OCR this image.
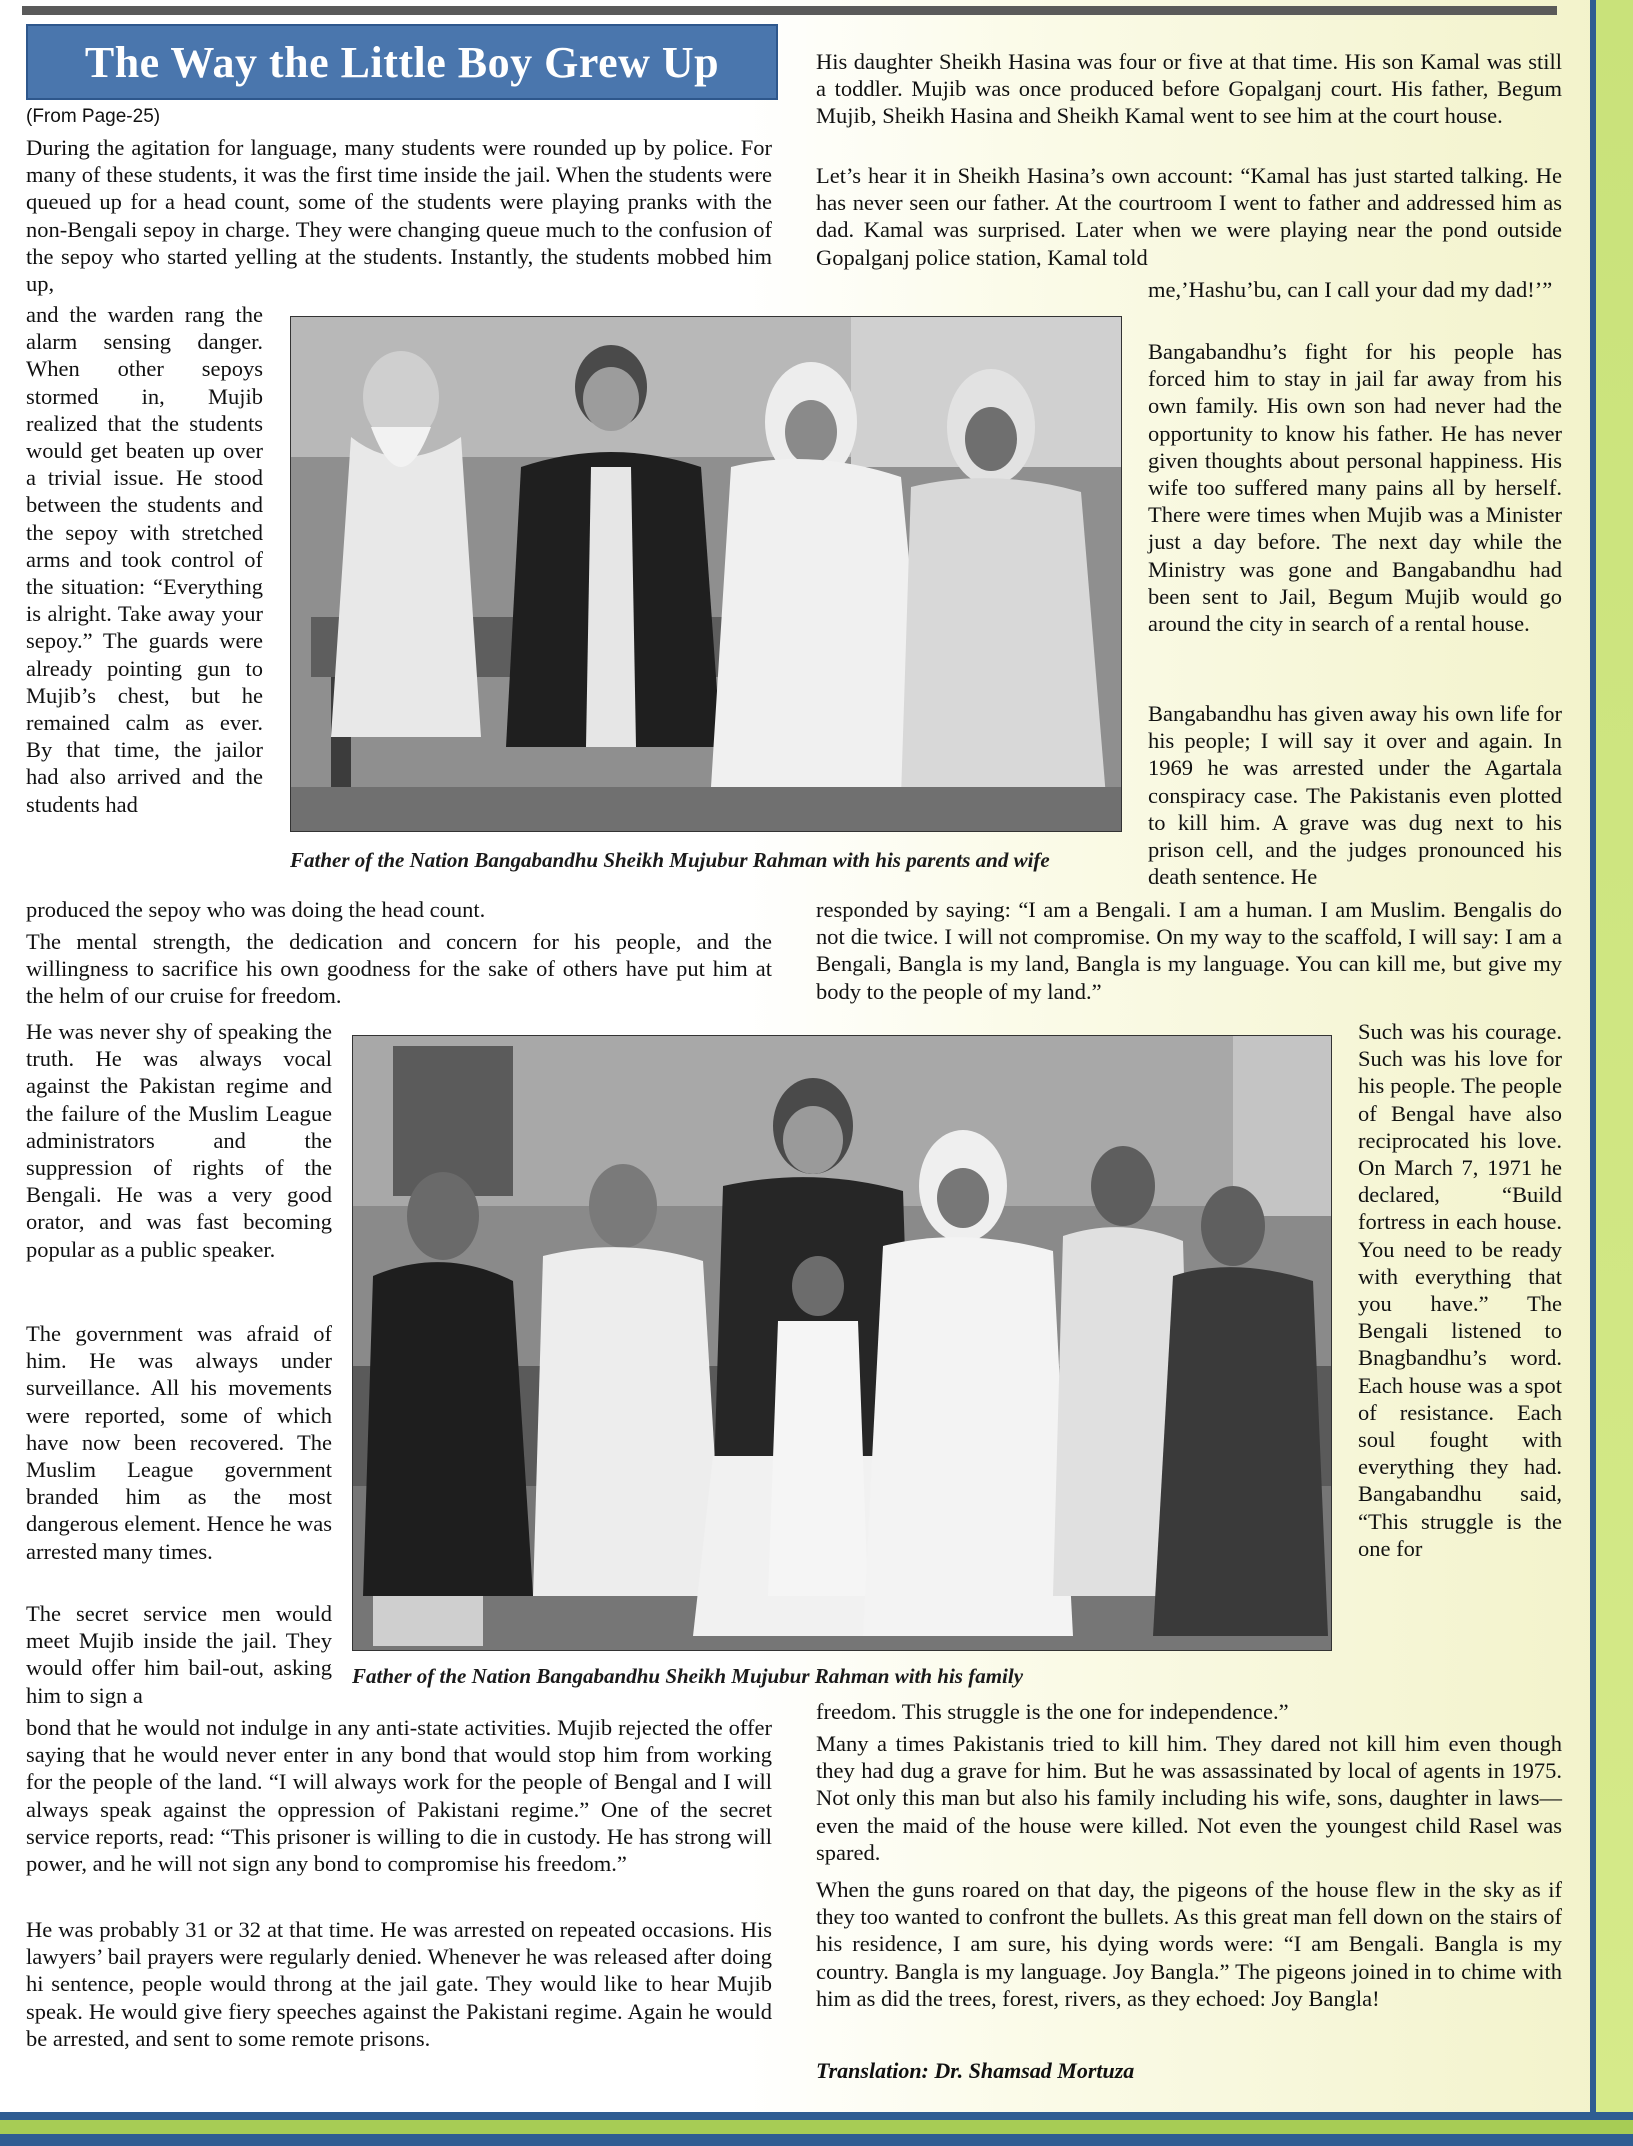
The Way the Little Boy Grew Up
(From Page-25)

During the agitation for language, many students were rounded up by police. For many of these students, it was the first time inside the jail. When the students were queued up for a head count, some of the students were playing pranks with the non-Bengali sepoy in charge. They were changing queue much to the confusion of the sepoy who started yelling at the students. Instantly, the students mobbed him up,

and the warden rang the alarm sensing danger. When other sepoys stormed in, Mujib realized that the students would get beaten up over a trivial issue. He stood between the students and the sepoy with stretched arms and took control of the situation: “Everything is alright. Take away your sepoy.” The guards were already pointing gun to Mujib’s chest, but he remained calm as ever. By that time, the jailor had also arrived and the students had

produced the sepoy who was doing the head count.

The mental strength, the dedication and concern for his people, and the willingness to sacrifice his own goodness for the sake of others have put him at the helm of our cruise for freedom.

He was never shy of speaking the truth. He was always vocal against the Pakistan regime and the failure of the Muslim League administrators and the suppression of rights of the Bengali. He was a very good orator, and was fast becoming popular as a public speaker.

The government was afraid of him. He was always under surveillance. All his movements were reported, some of which have now been recovered. The Muslim League government branded him as the most dangerous element. Hence he was arrested many times.

The secret service men would meet Mujib inside the jail. They would offer him bail-out, asking him to sign a

bond that he would not indulge in any anti-state activities. Mujib rejected the offer saying that he would never enter in any bond that would stop him from working for the people of the land. “I will always work for the people of Bengal and I will always speak against the oppression of Pakistani regime.” One of the secret service reports, read: “This prisoner is willing to die in custody. He has strong will power, and he will not sign any bond to compromise his freedom.”

He was probably 31 or 32 at that time. He was arrested on repeated occasions. His lawyers’ bail prayers were regularly denied. Whenever he was released after doing hi sentence, people would throng at the jail gate. They would like to hear Mujib speak. He would give fiery speeches against the Pakistani regime. Again he would be arrested, and sent to some remote prisons.

His daughter Sheikh Hasina was four or five at that time. His son Kamal was still a toddler. Mujib was once produced before Gopalganj court. His father, Begum Mujib, Sheikh Hasina and Sheikh Kamal went to see him at the court house.

Let’s hear it in Sheikh Hasina’s own account: “Kamal has just started talking. He has never seen our father. At the courtroom I went to father and addressed him as dad. Kamal was surprised. Later when we were playing near the pond outside Gopalganj police station, Kamal told

me,’Hashu’bu, can I call your dad my dad!’”

Bangabandhu’s fight for his people has forced him to stay in jail far away from his own family. His own son had never had the opportunity to know his father. He has never given thoughts about personal happiness. His wife too suffered many pains all by herself. There were times when Mujib was a Minister just a day before. The next day while the Ministry was gone and Bangabandhu had been sent to Jail, Begum Mujib would go around the city in search of a rental house.

Bangabandhu has given away his own life for his people; I will say it over and again. In 1969 he was arrested under the Agartala conspiracy case. The Pakistanis even plotted to kill him. A grave was dug next to his prison cell, and the judges pronounced his death sentence. He

responded by saying: “I am a Bengali. I am a human. I am Muslim. Bengalis do not die twice. I will not compromise. On my way to the scaffold, I will say: I am a Bengali, Bangla is my land, Bangla is my language. You can kill me, but give my body to the people of my land.”

Such was his courage. Such was his love for his people. The people of Bengal have also reciprocated his love. On March 7, 1971 he declared, “Build fortress in each house. You need to be ready with everything that you have.” The Bengali listened to Bnagbandhu’s word. Each house was a spot of resistance. Each soul fought with everything they had. Bangabandhu said, “This struggle is the one for

freedom. This struggle is the one for independence.”

Many a times Pakistanis tried to kill him. They dared not kill him even though they had dug a grave for him. But he was assassinated by local of agents in 1975. Not only this man but also his family including his wife, sons, daughter in laws—even the maid of the house were killed. Not even the youngest child Rasel was spared.

When the guns roared on that day, the pigeons of the house flew in the sky as if they too wanted to confront the bullets. As this great man fell down on the stairs of his residence, I am sure, his dying words were: “I am Bengali. Bangla is my country. Bangla is my language. Joy Bangla.” The pigeons joined in to chime with him as did the trees, forest, rivers, as they echoed: Joy Bangla!

Translation: Dr. Shamsad Mortuza

Father of the Nation Bangabandhu Sheikh Mujubur Rahman with his parents and wife

Father of the Nation Bangabandhu Sheikh Mujubur Rahman with his family
